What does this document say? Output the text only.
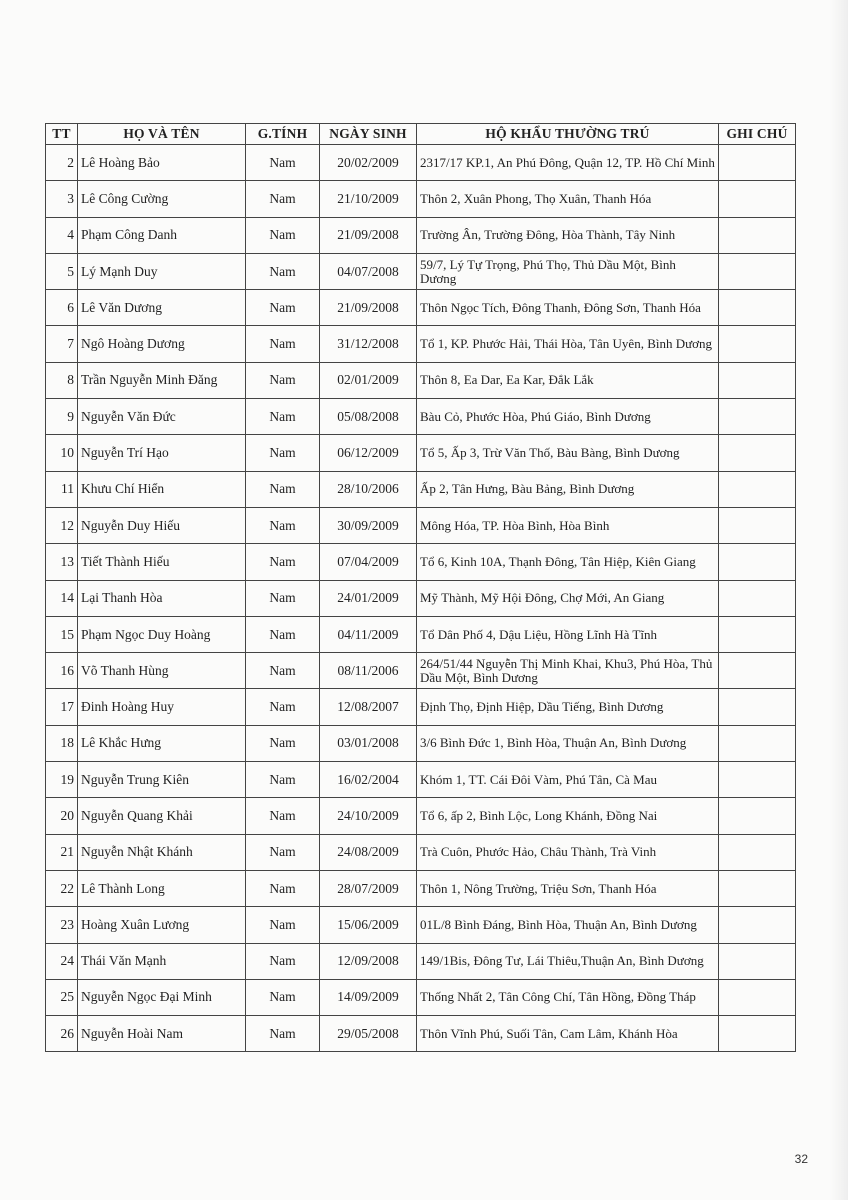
TT	HỌ VÀ TÊN	G.TÍNH	NGÀY SINH	HỘ KHẨU THƯỜNG TRÚ	GHI CHÚ
2	Lê Hoàng Bảo	Nam	20/02/2009	2317/17 KP.1, An Phú Đông, Quận 12, TP. Hồ Chí Minh	
3	Lê Công Cường	Nam	21/10/2009	Thôn 2, Xuân Phong, Thọ Xuân, Thanh Hóa	
4	Phạm Công Danh	Nam	21/09/2008	Trường Ân, Trường Đông, Hòa Thành, Tây Ninh	
5	Lý Mạnh Duy	Nam	04/07/2008	59/7, Lý Tự Trọng, Phú Thọ, Thủ Dầu Một, Bình Dương	
6	Lê Văn Dương	Nam	21/09/2008	Thôn Ngọc Tích, Đông Thanh, Đông Sơn, Thanh Hóa	
7	Ngô Hoàng Dương	Nam	31/12/2008	Tổ 1, KP. Phước Hải, Thái Hòa, Tân Uyên, Bình Dương	
8	Trần Nguyễn Minh Đăng	Nam	02/01/2009	Thôn 8, Ea Dar, Ea Kar, Đắk Lắk	
9	Nguyễn Văn Đức	Nam	05/08/2008	Bàu Cỏ, Phước Hòa, Phú Giáo, Bình Dương	
10	Nguyễn Trí Hạo	Nam	06/12/2009	Tổ 5, Ấp 3, Trừ Văn Thố, Bàu Bàng, Bình Dương	
11	Khưu Chí Hiển	Nam	28/10/2006	Ấp 2, Tân Hưng, Bàu Bảng, Bình Dương	
12	Nguyễn Duy Hiếu	Nam	30/09/2009	Mông Hóa, TP. Hòa Bình, Hòa Bình	
13	Tiết Thành Hiếu	Nam	07/04/2009	Tổ 6, Kinh 10A, Thạnh Đông, Tân Hiệp, Kiên Giang	
14	Lại Thanh Hòa	Nam	24/01/2009	Mỹ Thành, Mỹ Hội Đông, Chợ Mới, An Giang	
15	Phạm Ngọc Duy Hoàng	Nam	04/11/2009	Tổ Dân Phố 4, Dậu Liệu, Hồng Lĩnh Hà Tĩnh	
16	Võ Thanh Hùng	Nam	08/11/2006	264/51/44 Nguyễn Thị Minh Khai, Khu3, Phú Hòa, Thủ Dầu Một, Bình Dương	
17	Đinh Hoàng Huy	Nam	12/08/2007	Định Thọ, Định Hiệp, Dầu Tiếng, Bình Dương	
18	Lê Khắc Hưng	Nam	03/01/2008	3/6 Bình Đức 1, Bình Hòa, Thuận An, Bình Dương	
19	Nguyễn Trung Kiên	Nam	16/02/2004	Khóm 1, TT. Cái Đôi Vàm, Phú Tân, Cà Mau	
20	Nguyễn Quang Khải	Nam	24/10/2009	Tổ 6, ấp 2, Bình Lộc, Long Khánh, Đồng Nai	
21	Nguyễn Nhật Khánh	Nam	24/08/2009	Trà Cuôn, Phước Hảo, Châu Thành, Trà Vinh	
22	Lê Thành Long	Nam	28/07/2009	Thôn 1, Nông Trường, Triệu Sơn, Thanh Hóa	
23	Hoàng Xuân Lương	Nam	15/06/2009	01L/8 Bình Đáng, Bình Hòa, Thuận An, Bình Dương	
24	Thái Văn Mạnh	Nam	12/09/2008	149/1Bis, Đông Tư, Lái Thiêu,Thuận An, Bình Dương	
25	Nguyễn Ngọc Đại Minh	Nam	14/09/2009	Thống Nhất 2, Tân Công Chí, Tân Hồng, Đồng Tháp	
26	Nguyễn Hoài Nam	Nam	29/05/2008	Thôn Vĩnh Phú, Suối Tân, Cam Lâm, Khánh Hòa	
32
